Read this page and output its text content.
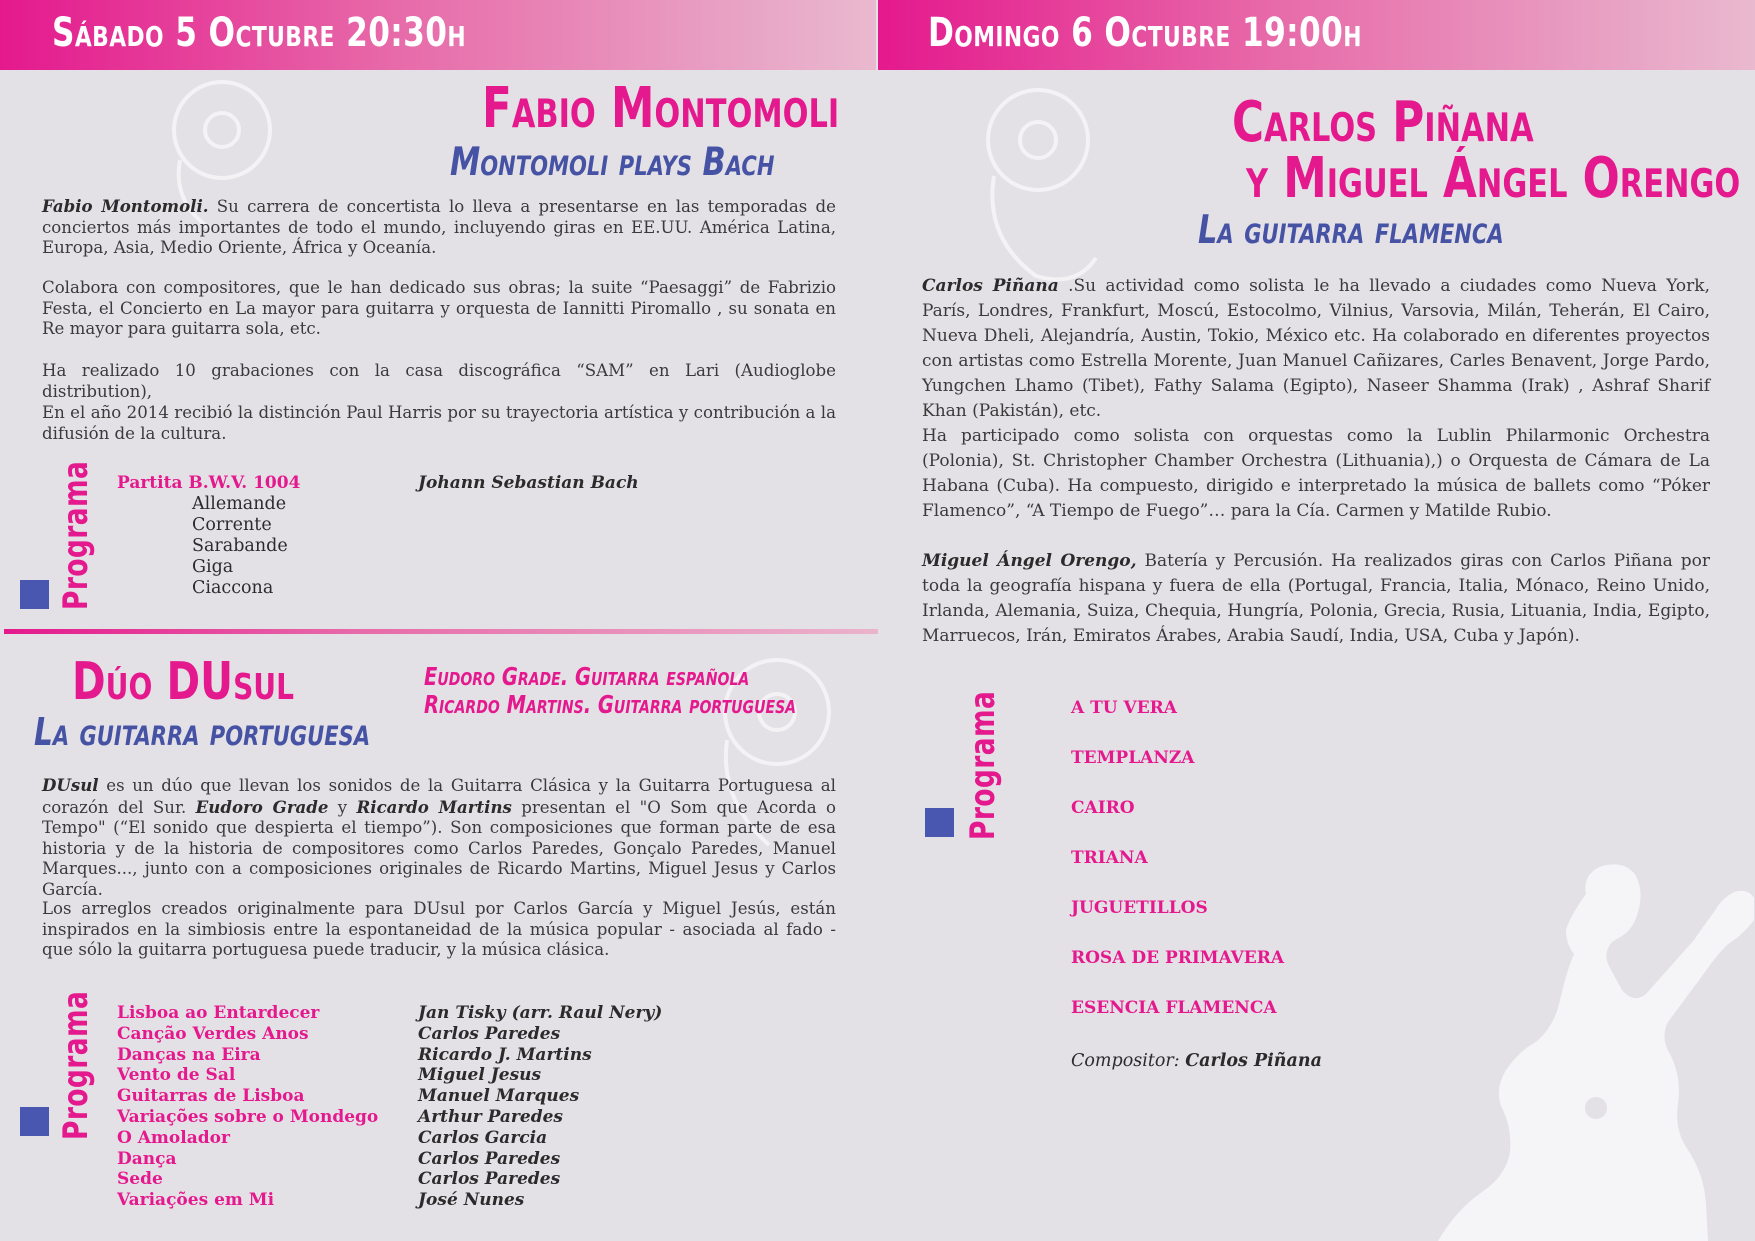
Sábado 5 Octubre 20:30h
Fabio Montomoli
Montomoli plays Bach

Fabio Montomoli. Su carrera de concertista lo lleva a presentarse en las temporadas de conciertos más importantes de todo el mundo, incluyendo giras en EE.UU. América Latina, Europa, Asia, Medio Oriente, África y Oceanía.

Colabora con compositores, que le han dedicado sus obras; la suite “Paesaggi” de Fabrizio Festa, el Concierto en La mayor para guitarra y orquesta de Iannitti Piromallo , su sonata en Re mayor para guitarra sola, etc.

Ha realizado 10 grabaciones con la casa discográfica “SAM” en Lari (Audioglobe distribution),

En el año 2014 recibió la distinción Paul Harris por su trayectoria artística y contribución a la difusión de la cultura.

Programa Partita B.W.V. 1004	Johann Sebastian Bach
Allemande
Corrente
Sarabande
Giga
Ciaccona
Dúo DUsul
La guitarra portuguesa
Eudoro Grade. Guitarra española
Ricardo Martins. Guitarra portuguesa

DUsul es un dúo que llevan los sonidos de la Guitarra Clásica y la Guitarra Portuguesa al corazón del Sur. Eudoro Grade y Ricardo Martins presentan el "O Som que Acorda o Tempo" (“El sonido que despierta el tiempo”). Son composiciones que forman parte de esa historia y de la historia de compositores como Carlos Paredes, Gonçalo Paredes, Manuel Marques..., junto con a composiciones originales de Ricardo Martins, Miguel Jesus y Carlos García.

Los arreglos creados originalmente para DUsul por Carlos García y Miguel Jesús, están inspirados en la simbiosis entre la espontaneidad de la música popular - asociada al fado - que sólo la guitarra portuguesa puede traducir, y la música clásica.

Programa Lisboa ao Entardecer
Canção Verdes Anos
Danças na Eira
Vento de Sal
Guitarras de Lisboa
Variações sobre o Mondego
O Amolador
Dança
Sede
Variações em Mi
Jan Tisky (arr. Raul Nery)
Carlos Paredes
Ricardo J. Martins
Miguel Jesus
Manuel Marques
Arthur Paredes
Carlos Garcia
Carlos Paredes
Carlos Paredes
José Nunes
Domingo 6 Octubre 19:00h
Carlos Piñana
y Miguel Ángel Orengo
La guitarra flamenca

Carlos Piñana .Su actividad como solista le ha llevado a ciudades como Nueva York, París, Londres, Frankfurt, Moscú, Estocolmo, Vilnius, Varsovia, Milán, Teherán, El Cairo, Nueva Dheli, Alejandría, Austin, Tokio, México etc. Ha colaborado en diferentes proyectos con artistas como Estrella Morente, Juan Manuel Cañizares, Carles Benavent, Jorge Pardo, Yungchen Lhamo (Tibet), Fathy Salama (Egipto), Naseer Shamma (Irak) , Ashraf Sharif Khan (Pakistán), etc.

Ha participado como solista con orquestas como la Lublin Philarmonic Orchestra (Polonia), St. Christopher Chamber Orchestra (Lithuania),) o Orquesta de Cámara de La Habana (Cuba). Ha compuesto, dirigido e interpretado la música de ballets como “Póker Flamenco”, “A Tiempo de Fuego”… para la Cía. Carmen y Matilde Rubio.

Miguel Ángel Orengo, Batería y Percusión. Ha realizados giras con Carlos Piñana por toda la geografía hispana y fuera de ella (Portugal, Francia, Italia, Mónaco, Reino Unido, Irlanda, Alemania, Suiza, Chequia, Hungría, Polonia, Grecia, Rusia, Lituania, India, Egipto, Marruecos, Irán, Emiratos Árabes, Arabia Saudí, India, USA, Cuba y Japón).

Programa	A TU VERA
TEMPLANZA
CAIRO
TRIANA
JUGUETILLOS
ROSA DE PRIMAVERA
ESENCIA FLAMENCA
Compositor: Carlos Piñana
